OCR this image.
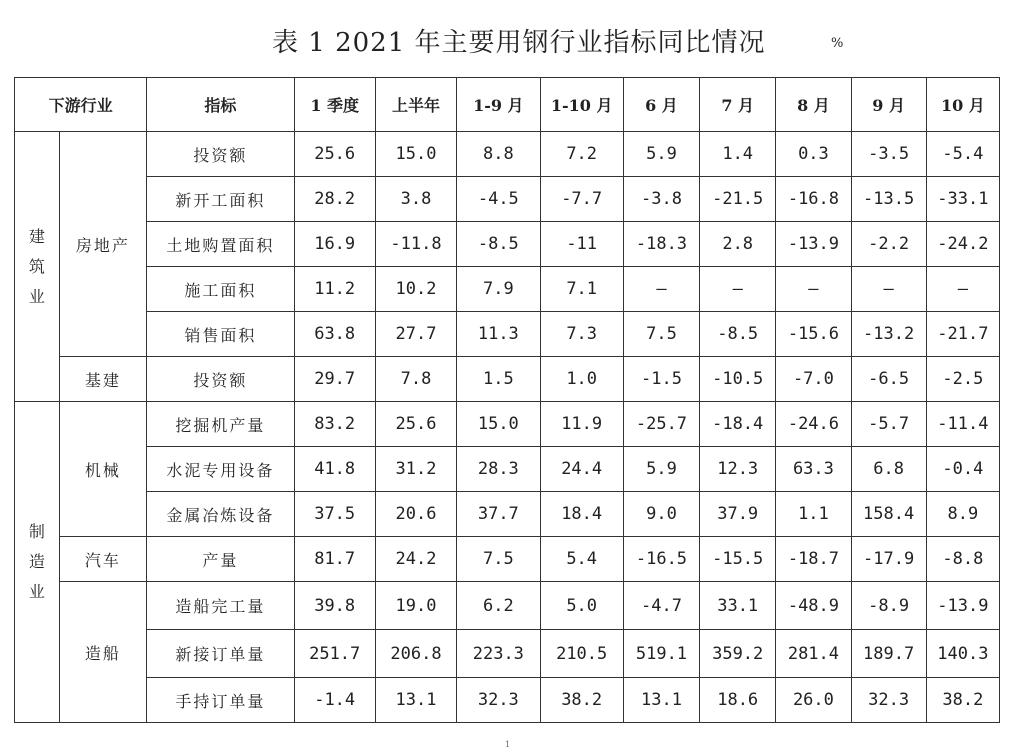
表 1 2021 年主要用钢行业指标同比情况	%
下游行业		指标	1 季度	上半年	1-9 月	1-10 月	6 月	7 月	8 月	9 月	10 月

建
筑
业	房地产	投资额	25.6	15.0	8.8	7.2	5.9	1.4	0.3	-3.5	-5.4
		新开工面积	28.2	3.8	-4.5	-7.7	-3.8	-21.5	-16.8	-13.5	-33.1
		土地购置面积	16.9	-11.8	-8.5	-11	-18.3	2.8	-13.9	-2.2	-24.2
		施工面积	11.2	10.2	7.9	7.1	—	—	—	—	—
		销售面积	63.8	27.7	11.3	7.3	7.5	-8.5	-15.6	-13.2	-21.7
	基建	投资额	29.7	7.8	1.5	1.0	-1.5	-10.5	-7.0	-6.5	-2.5

制
造
业	机械	挖掘机产量	83.2	25.6	15.0	11.9	-25.7	-18.4	-24.6	-5.7	-11.4
		水泥专用设备	41.8	31.2	28.3	24.4	5.9	12.3	63.3	6.8	-0.4
		金属冶炼设备	37.5	20.6	37.7	18.4	9.0	37.9	1.1	158.4	8.9
	汽车	产量	81.7	24.2	7.5	5.4	-16.5	-15.5	-18.7	-17.9	-8.8
	造船	造船完工量	39.8	19.0	6.2	5.0	-4.7	33.1	-48.9	-8.9	-13.9
		新接订单量	251.7	206.8	223.3	210.5	519.1	359.2	281.4	189.7	140.3
		手持订单量	-1.4	13.1	32.3	38.2	13.1	18.6	26.0	32.3	38.2
1
